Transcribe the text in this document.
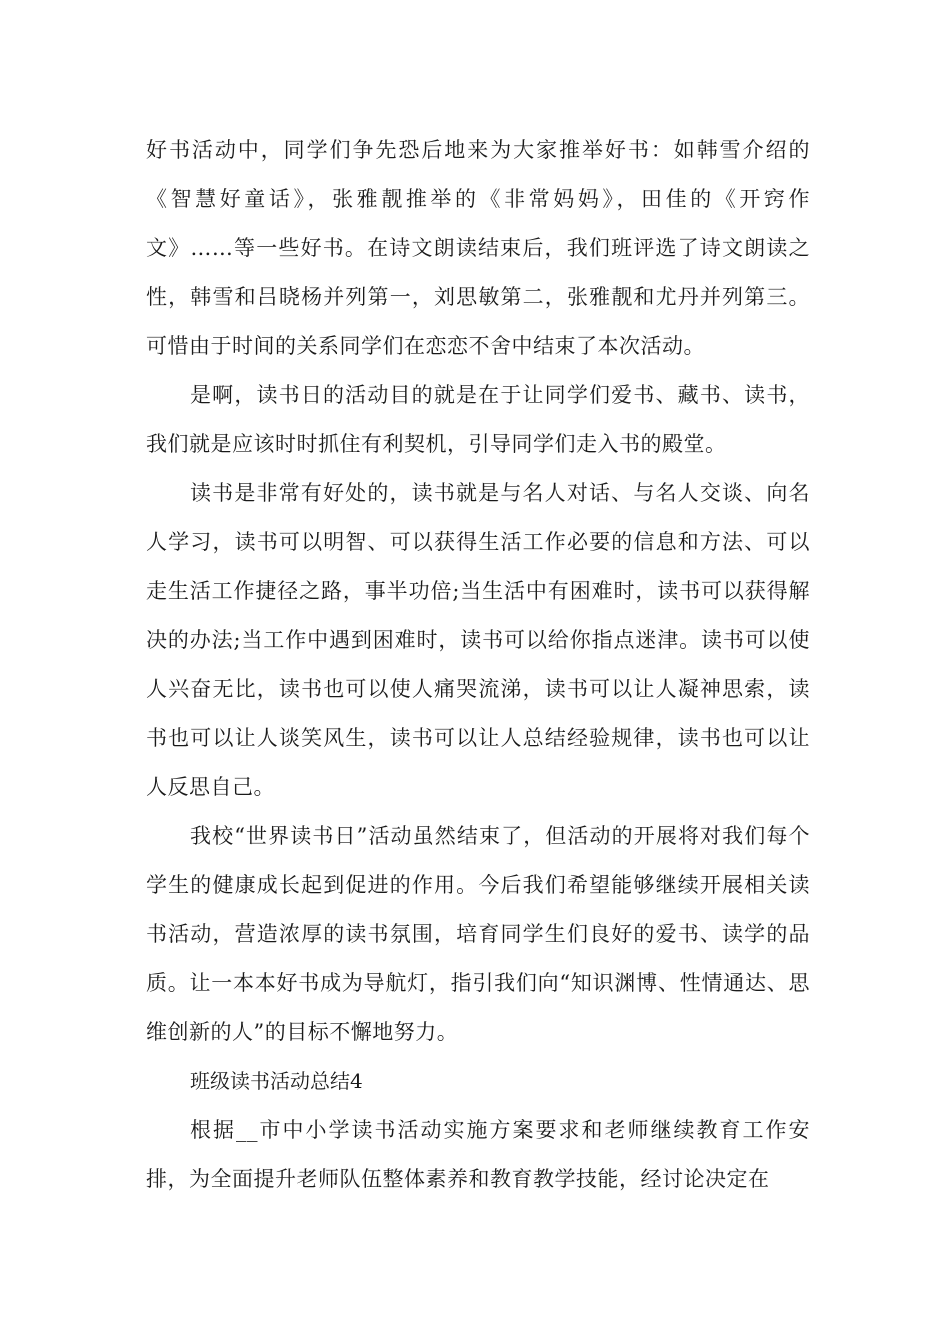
好书活动中，同学们争先恐后地来为大家推举好书：如韩雪介绍的《智慧好童话》，张雅靓推举的《非常妈妈》，田佳的《开窍作文》……等一些好书。在诗文朗读结束后，我们班评选了诗文朗读之性，韩雪和吕晓杨并列第一，刘思敏第二，张雅靓和尤丹并列第三。可惜由于时间的关系同学们在恋恋不舍中结束了本次活动。

是啊，读书日的活动目的就是在于让同学们爱书、藏书、读书，我们就是应该时时抓住有利契机，引导同学们走入书的殿堂。

读书是非常有好处的，读书就是与名人对话、与名人交谈、向名人学习，读书可以明智、可以获得生活工作必要的信息和方法、可以走生活工作捷径之路，事半功倍;当生活中有困难时，读书可以获得解决的办法;当工作中遇到困难时，读书可以给你指点迷津。读书可以使人兴奋无比，读书也可以使人痛哭流涕，读书可以让人凝神思索，读书也可以让人谈笑风生，读书可以让人总结经验规律，读书也可以让人反思自己。

我校“世界读书日”活动虽然结束了，但活动的开展将对我们每个学生的健康成长起到促进的作用。今后我们希望能够继续开展相关读书活动，营造浓厚的读书氛围，培育同学生们良好的爱书、读学的品质。让一本本好书成为导航灯，指引我们向“知识渊博、性情通达、思维创新的人”的目标不懈地努力。

班级读书活动总结4

根据__市中小学读书活动实施方案要求和老师继续教育工作安排，为全面提升老师队伍整体素养和教育教学技能，经讨论决定在
